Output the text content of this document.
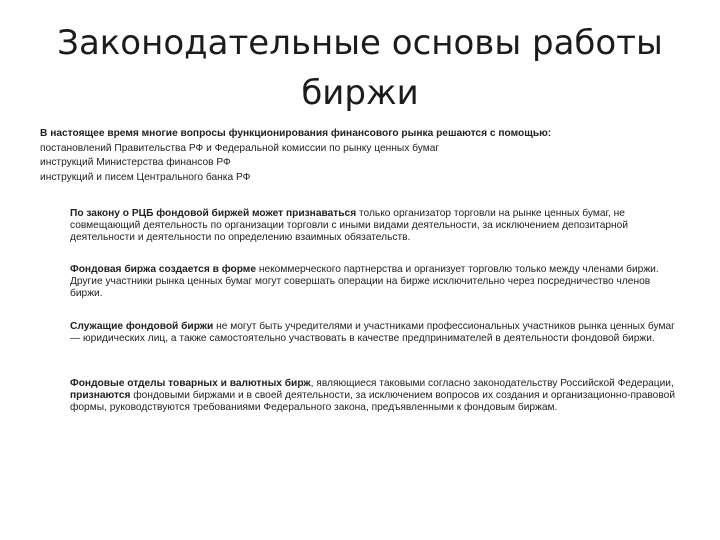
Законодательные основы работы биржи

В настоящее время многие вопросы функционирования финансового рынка решаются с помощью:

постановлений Правительства РФ и Федеральной комиссии по рынку ценных бумаг

инструкций Министерства финансов РФ

инструкций и писем Центрального банка РФ

По закону о РЦБ фондовой биржей может признаваться только организатор торговли на рынке ценных бумаг, не совмещающий деятельность по организации торговли с иными видами деятельности, за исключением депозитарной деятельности и деятельности по определению взаимных обязательств.

Фондовая биржа создается в форме некоммерческого партнерства и организует торговлю только между членами биржи. Другие участники рынка ценных бумаг могут совершать операции на бирже исключительно через посредничество членов биржи.

Служащие фондовой биржи не могут быть учредителями и участниками профессиональных участников рынка ценных бумаг — юридических лиц, а также самостоятельно участвовать в качестве предпринимателей в деятельности фондовой биржи.

Фондовые отделы товарных и валютных бирж, являющиеся таковыми согласно законодательству Российской Федерации, признаются фондовыми биржами и в своей деятельности, за исключением вопросов их создания и организационно-правовой формы, руководствуются требованиями Федерального закона, предъявленными к фондовым биржам.
